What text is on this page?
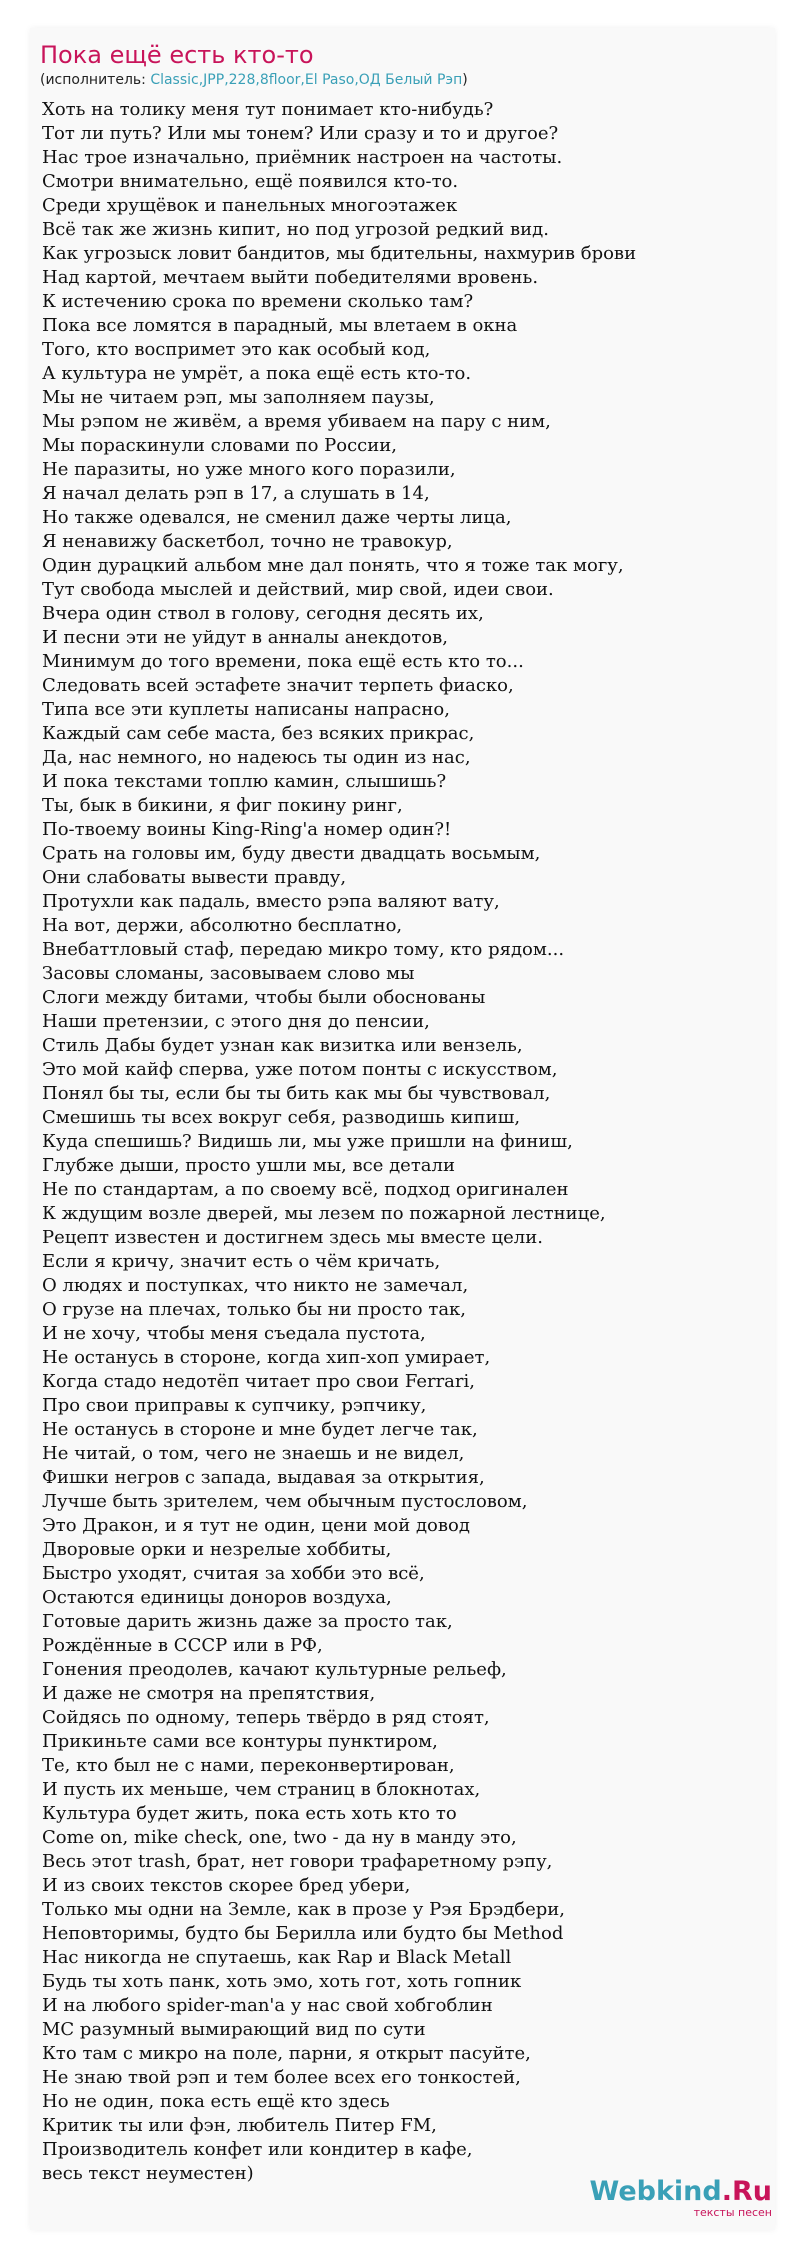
Пока ещё есть кто-то
(исполнитель: Classic,JPP,228,8floor,El Paso,ОД Белый Рэп)
Хоть на толику меня тут понимает кто-нибудь?
Тот ли путь? Или мы тонем? Или сразу и то и другое?
Нас трое изначально, приёмник настроен на частоты.
Смотри внимательно, ещё появился кто-то.
Среди хрущёвок и панельных многоэтажек
Всё так же жизнь кипит, но под угрозой редкий вид.
Как угрозыск ловит бандитов, мы бдительны, нахмурив брови
Над картой, мечтаем выйти победителями вровень.
К истечению срока по времени сколько там?
Пока все ломятся в парадный, мы влетаем в окна
Того, кто воспримет это как особый код,
А культура не умрёт, а пока ещё есть кто-то.
Мы не читаем рэп, мы заполняем паузы,
Мы рэпом не живём, а время убиваем на пару с ним,
Мы пораскинули словами по России,
Не паразиты, но уже много кого поразили,
Я начал делать рэп в 17, а слушать в 14,
Но также одевался, не сменил даже черты лица,
Я ненавижу баскетбол, точно не травокур,
Один дурацкий альбом мне дал понять, что я тоже так могу,
Тут свобода мыслей и действий, мир свой, идеи свои.
Вчера один ствол в голову, сегодня десять их,
И песни эти не уйдут в анналы анекдотов,
Минимум до того времени, пока ещё есть кто то...
Следовать всей эстафете значит терпеть фиаско,
Типа все эти куплеты написаны напрасно,
Каждый сам себе маста, без всяких прикрас,
Да, нас немного, но надеюсь ты один из нас,
И пока текстами топлю камин, слышишь?
Ты, бык в бикини, я фиг покину ринг,
По-твоему воины King-Ring'a номер один?!
Срать на головы им, буду двести двадцать восьмым,
Они слабоваты вывести правду,
Протухли как падаль, вместо рэпа валяют вату,
На вот, держи, абсолютно бесплатно,
Внебаттловый стаф, передаю микро тому, кто рядом...
Засовы сломаны, засовываем слово мы
Слоги между битами, чтобы были обоснованы
Наши претензии, с этого дня до пенсии,
Стиль Дабы будет узнан как визитка или вензель,
Это мой кайф сперва, уже потом понты с искусством,
Понял бы ты, если бы ты бить как мы бы чувствовал,
Смешишь ты всех вокруг себя, разводишь кипиш,
Куда спешишь? Видишь ли, мы уже пришли на финиш,
Глубже дыши, просто ушли мы, все детали
Не по стандартам, а по своему всё, подход оригинален
К ждущим возле дверей, мы лезем по пожарной лестнице,
Рецепт известен и достигнем здесь мы вместе цели.
Если я кричу, значит есть о чём кричать,
О людях и поступках, что никто не замечал,
О грузе на плечах, только бы ни просто так,
И не хочу, чтобы меня съедала пустота,
Не останусь в стороне, когда хип-хоп умирает,
Когда стадо недотёп читает про свои Ferrari,
Про свои приправы к супчику, рэпчику,
Не останусь в стороне и мне будет легче так,
Не читай, о том, чего не знаешь и не видел,
Фишки негров с запада, выдавая за открытия,
Лучше быть зрителем, чем обычным пустословом,
Это Дракон, и я тут не один, цени мой довод
Дворовые орки и незрелые хоббиты,
Быстро уходят, считая за хобби это всё,
Остаются единицы доноров воздуха,
Готовые дарить жизнь даже за просто так,
Рождённые в СССР или в РФ,
Гонения преодолев, качают культурные рельеф,
И даже не смотря на препятствия,
Сойдясь по одному, теперь твёрдо в ряд стоят,
Прикиньте сами все контуры пунктиром,
Те, кто был не с нами, переконвертирован,
И пусть их меньше, чем страниц в блокнотах,
Культура будет жить, пока есть хоть кто то
Come on, mike check, one, two - да ну в манду это,
Весь этот trash, брат, нет говори трафаретному рэпу,
И из своих текстов скорее бред убери,
Только мы одни на Земле, как в прозе у Рэя Брэдбери,
Неповторимы, будто бы Берилла или будто бы Method
Нас никогда не спутаешь, как Rap и Black Metall
Будь ты хоть панк, хоть эмо, хоть гот, хоть гопник
И на любого spider-man'а у нас свой хобгоблин
МС разумный вымирающий вид по сути
Кто там с микро на поле, парни, я открыт пасуйте,
Не знаю твой рэп и тем более всех его тонкостей,
Но не один, пока есть ещё кто здесь
Критик ты или фэн, любитель Питер FM,
Производитель конфет или кондитер в кафе,
весь текст неуместен)
Webkind.Ru
тексты песен
